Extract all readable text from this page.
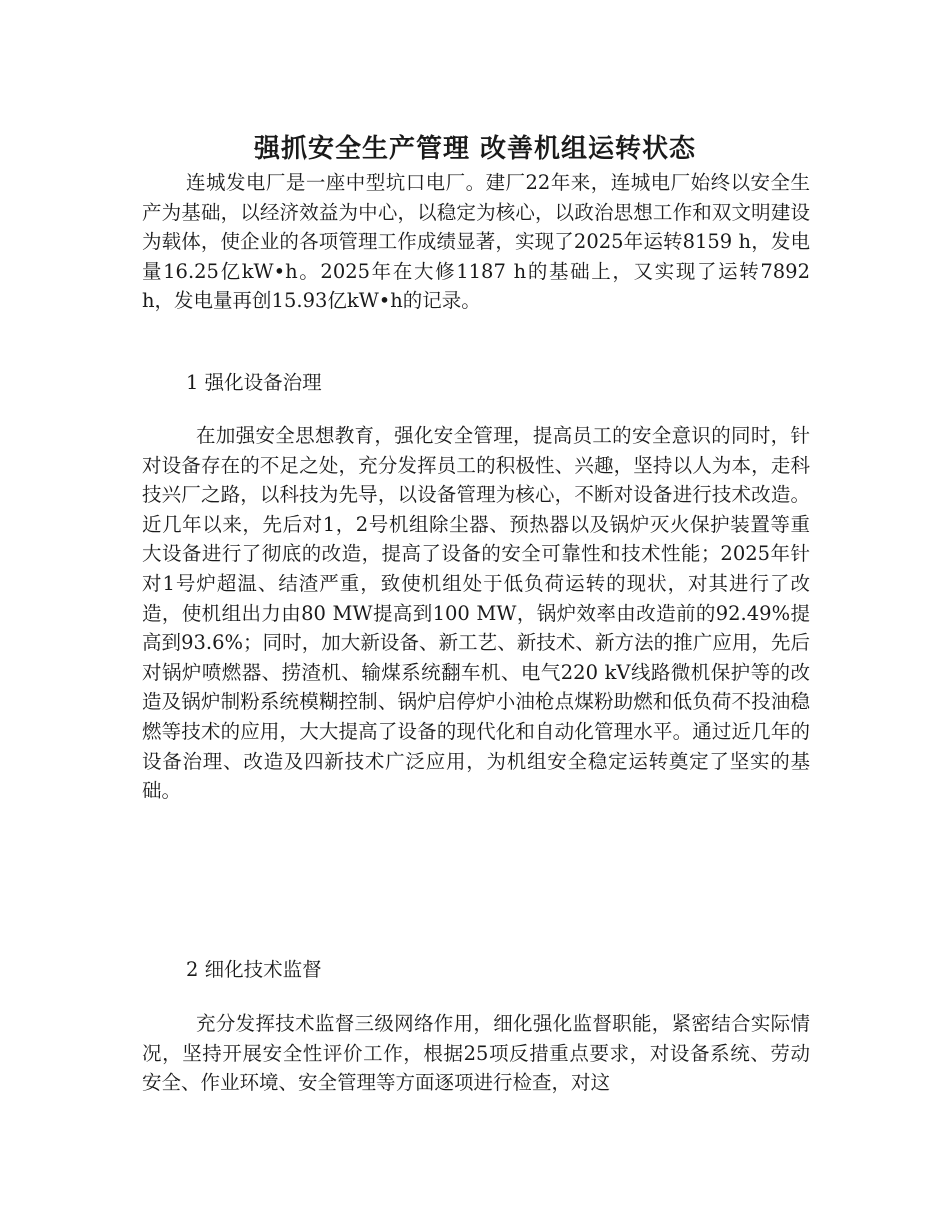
强抓安全生产管理 改善机组运转状态

连城发电厂是一座中型坑口电厂。建厂22年来，连城电厂始终以安全生产为基础，以经济效益为中心，以稳定为核心，以政治思想工作和双文明建设为载体，使企业的各项管理工作成绩显著，实现了2025年运转8159 h，发电量16.25亿kW•h。2025年在大修1187 h的基础上，又实现了运转7892 h，发电量再创15.93亿kW•h的记录。

1 强化设备治理

在加强安全思想教育，强化安全管理，提高员工的安全意识的同时，针对设备存在的不足之处，充分发挥员工的积极性、兴趣，坚持以人为本，走科技兴厂之路，以科技为先导，以设备管理为核心，不断对设备进行技术改造。近几年以来，先后对1，2号机组除尘器、预热器以及锅炉灭火保护装置等重大设备进行了彻底的改造，提高了设备的安全可靠性和技术性能；2025年针对1号炉超温、结渣严重，致使机组处于低负荷运转的现状，对其进行了改造，使机组出力由80 MW提高到100 MW，锅炉效率由改造前的92.49%提高到93.6%；同时，加大新设备、新工艺、新技术、新方法的推广应用，先后对锅炉喷燃器、捞渣机、输煤系统翻车机、电气220 kV线路微机保护等的改造及锅炉制粉系统模糊控制、锅炉启停炉小油枪点煤粉助燃和低负荷不投油稳燃等技术的应用，大大提高了设备的现代化和自动化管理水平。通过近几年的设备治理、改造及四新技术广泛应用，为机组安全稳定运转奠定了坚实的基础。

2 细化技术监督

充分发挥技术监督三级网络作用，细化强化监督职能，紧密结合实际情况，坚持开展安全性评价工作，根据25项反措重点要求，对设备系统、劳动安全、作业环境、安全管理等方面逐项进行检查，对这
